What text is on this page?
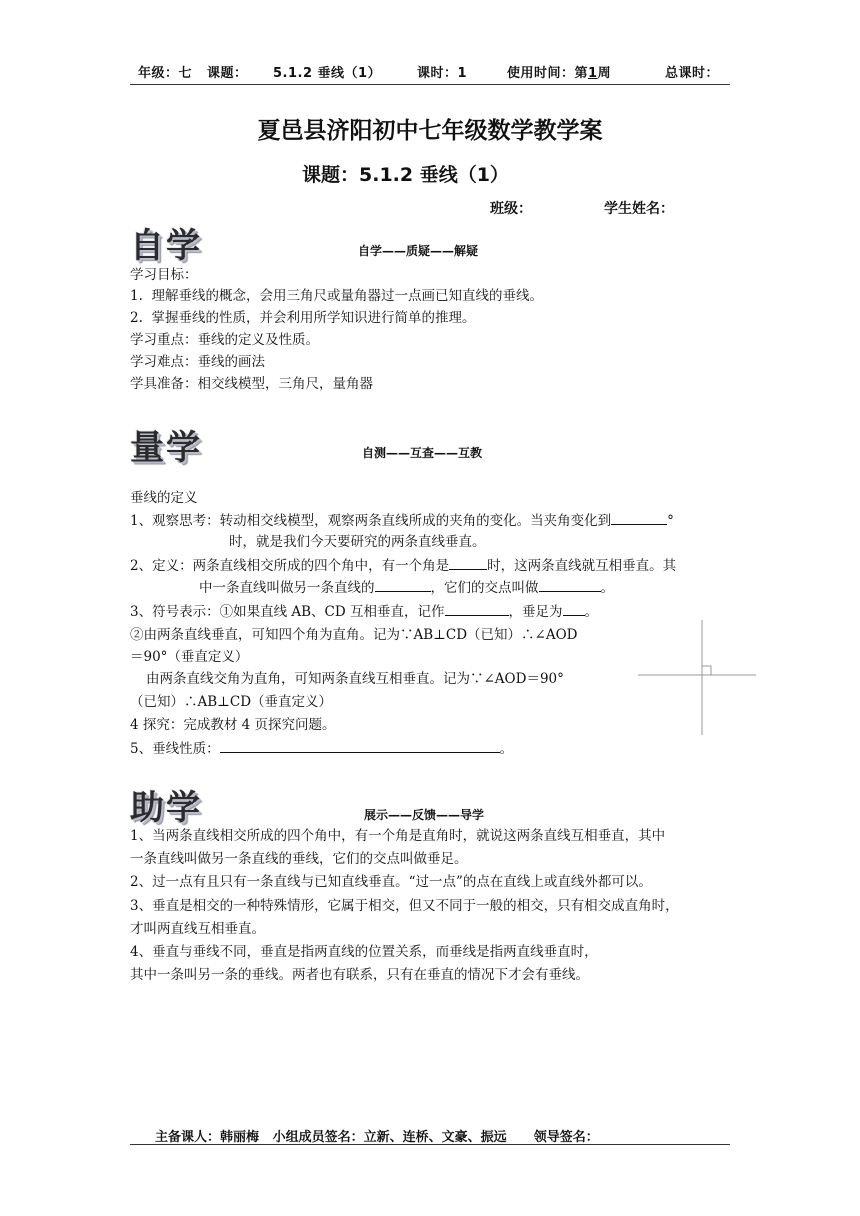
年级：七 课题： 5.1.2 垂线（1）	课时：1	使用时间：第1周	总课时：
夏邑县济阳初中七年级数学教学案
课题：5.1.2 垂线（1）
班级：	学生姓名：
自学	自学——质疑——解疑
学习目标：
1.  理解垂线的概念，会用三角尺或量角器过一点画已知直线的垂线。
2.  掌握垂线的性质，并会利用所学知识进行简单的推理。
学习重点：垂线的定义及性质。
学习难点：垂线的画法
学具准备：相交线模型，三角尺，量角器
量学	自测——互查——互教
垂线的定义
1、观察思考：转动相交线模型，观察两条直线所成的夹角的变化。当夹角变化到	°
时，就是我们今天要研究的两条直线垂直。
2、定义：两条直线相交所成的四个角中，有一个角是	时，这两条直线就互相垂直。其
中一条直线叫做另一条直线的	，它们的交点叫做	。
3、符号表示：①如果直线 AB、CD 互相垂直，记作	，垂足为 。
②由两条直线垂直，可知四个角为直角。记为∵AB⊥CD（已知）∴∠AOD
＝90°（垂直定义）
由两条直线交角为直角，可知两条直线互相垂直。记为∵∠AOD＝90°
（已知）∴AB⊥CD（垂直定义）
4 探究：完成教材 4 页探究问题。
5、垂线性质：	。
助学	展示——反馈——导学
1、当两条直线相交所成的四个角中，有一个角是直角时，就说这两条直线互相垂直，其中
一条直线叫做另一条直线的垂线，它们的交点叫做垂足。
2、过一点有且只有一条直线与已知直线垂直。“过一点”的点在直线上或直线外都可以。
3、垂直是相交的一种特殊情形，它属于相交，但又不同于一般的相交，只有相交成直角时，
才叫两直线互相垂直。
4、垂直与垂线不同，垂直是指两直线的位置关系，而垂线是指两直线垂直时，
其中一条叫另一条的垂线。两者也有联系，只有在垂直的情况下才会有垂线。
主备课人：韩丽梅   小组成员签名：立新、连桥、文豪、振远      领导签名：
